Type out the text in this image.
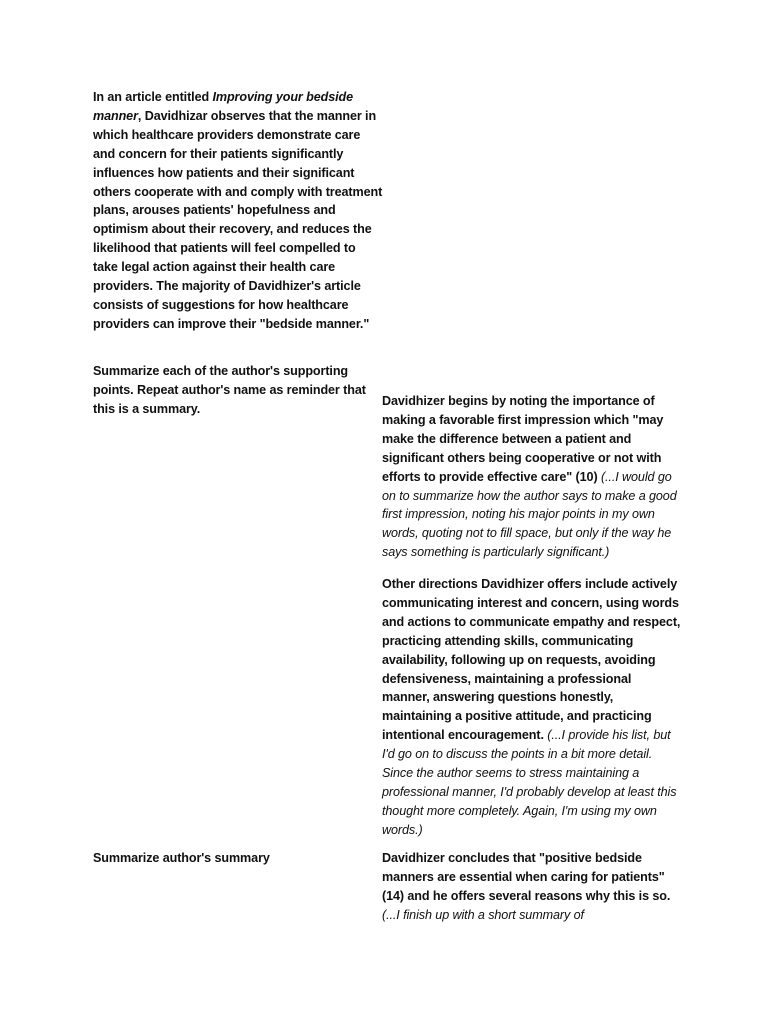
In an article entitled Improving your bedside manner, Davidhizar observes that the manner in which healthcare providers demonstrate care and concern for their patients significantly influences how patients and their significant others cooperate with and comply with treatment plans, arouses patients' hopefulness and optimism about their recovery, and reduces the likelihood that patients will feel compelled to take legal action against their health care providers. The majority of Davidhizer's article consists of suggestions for how healthcare providers can improve their "bedside manner."

Summarize each of the author's supporting points. Repeat author's name as reminder that this is a summary.

Summarize author's summary

Davidhizer begins by noting the importance of making a favorable first impression which "may make the difference between a patient and significant others being cooperative or not with efforts to provide effective care" (10) (...I would go on to summarize how the author says to make a good first impression, noting his major points in my own words, quoting not to fill space, but only if the way he says something is particularly significant.)

Other directions Davidhizer offers include actively communicating interest and concern, using words and actions to communicate empathy and respect, practicing attending skills, communicating availability, following up on requests, avoiding defensiveness, maintaining a professional manner, answering questions honestly, maintaining a positive attitude, and practicing intentional encouragement. (...I provide his list, but I'd go on to discuss the points in a bit more detail. Since the author seems to stress maintaining a professional manner, I'd probably develop at least this thought more completely. Again, I'm using my own words.)

Davidhizer concludes that "positive bedside manners are essential when caring for patients" (14) and he offers several reasons why this is so. (...I finish up with a short summary of
